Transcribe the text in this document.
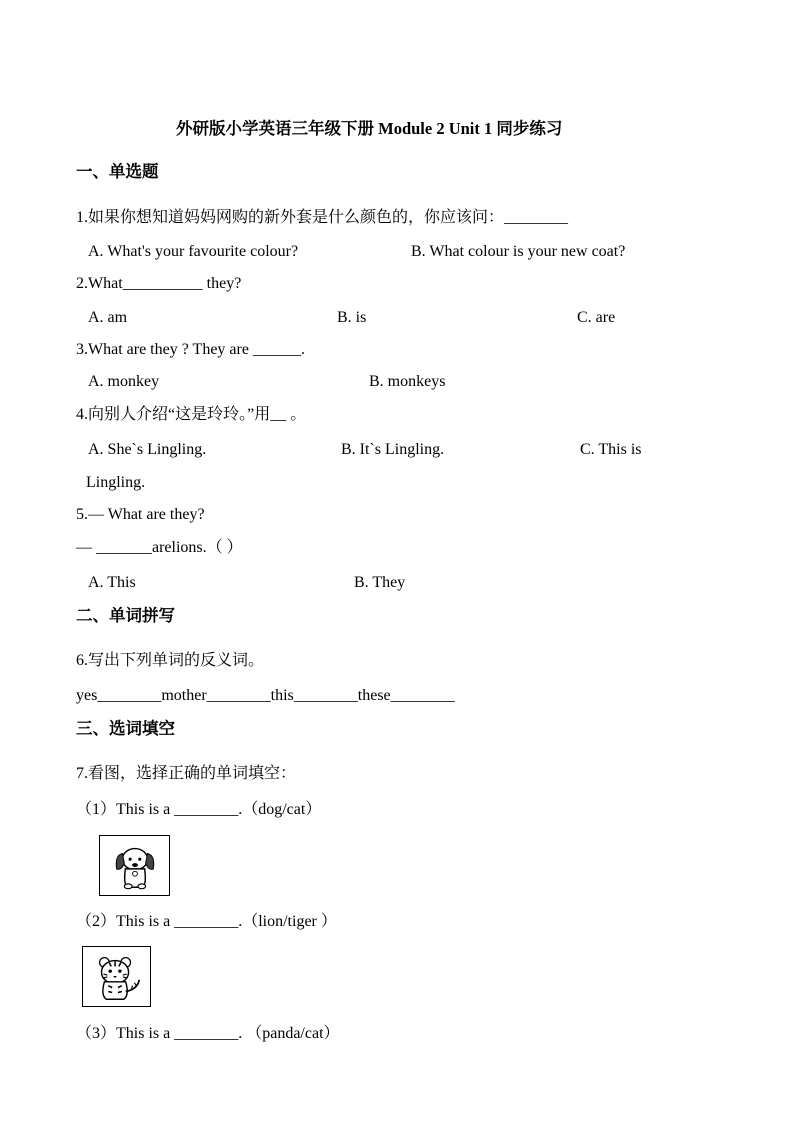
外研版小学英语三年级下册 Module 2 Unit 1 同步练习
一、单选题
1.如果你想知道妈妈网购的新外套是什么颜色的，你应该问：________
A. What's your favourite colour?	B. What colour is your new coat?
2.What__________ they?
A. am	B. is	C. are
3.What are they ? They are ______.
A. monkey	B. monkeys
4.向别人介绍“这是玲玲。”用__ 。
A. She`s Lingling.	B. It`s Lingling.	C. This is
Lingling.
5.— What are they?
— _______arelions.（ ）
A. This	B. They
二、单词拼写
6.写出下列单词的反义词。
yes________mother________this________these________
三、选词填空
7.看图，选择正确的单词填空：
（1）This is a ________.（dog/cat）
（2）This is a ________.（lion/tiger ）
（3）This is a ________. （panda/cat）
